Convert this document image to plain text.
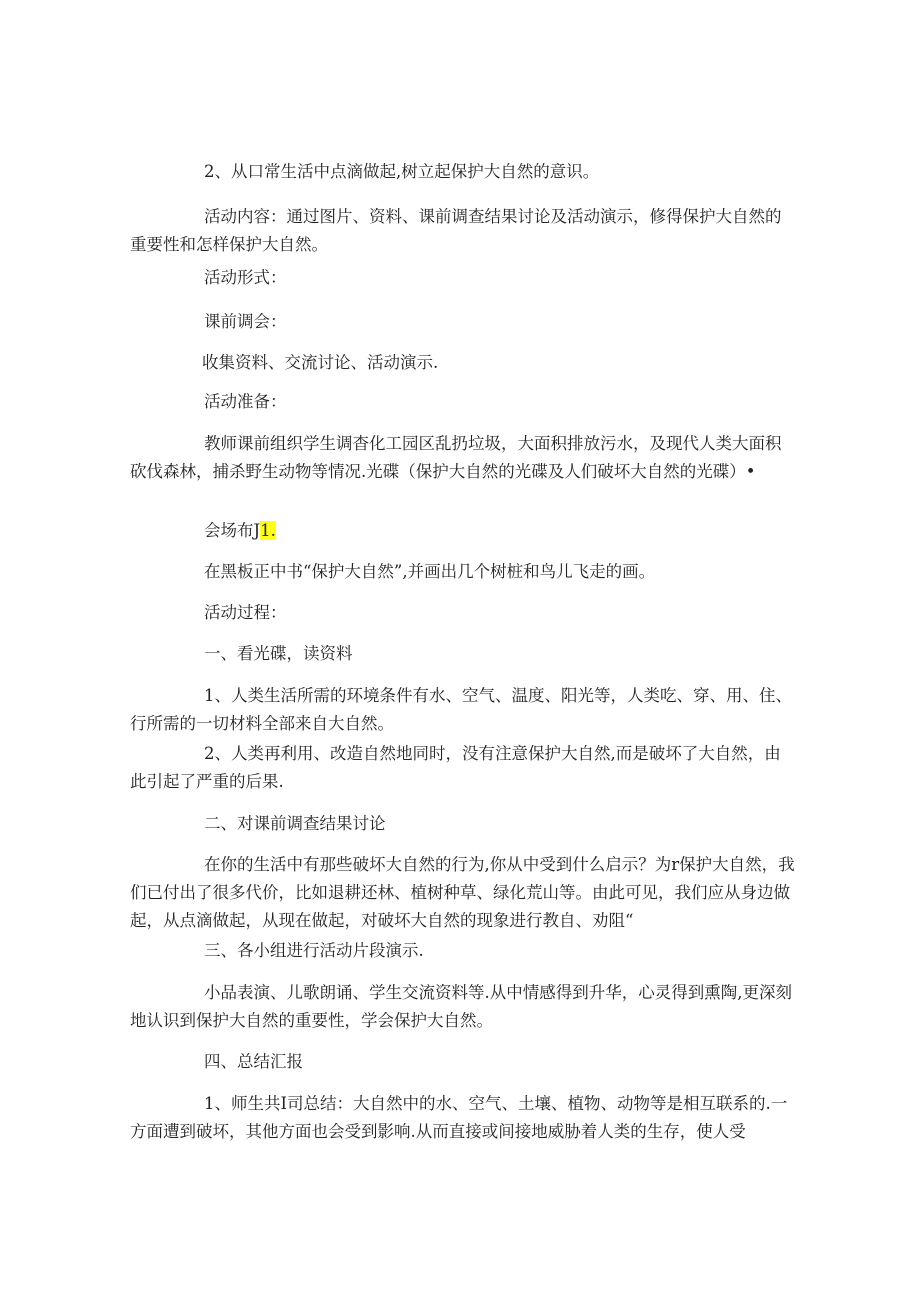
2、从口常生活中点滴做起,树立起保护大自然的意识。

活动内容：通过图片、资料、课前调查结果讨论及活动演示，修得保护大自然的重要性和怎样保护大自然。

活动形式：

课前调会：

收集资料、交流讨论、活动演示.

活动准备：

教师课前组织学生调杳化工园区乱扔垃圾，大面积排放污水，及现代人类大面积砍伐森林，捕杀野生动物等情况.光碟（保护大自然的光碟及人们破坏大自然的光碟）•

会场布J1.

在黑板正中书“保护大自然”,并画出几个树桩和鸟儿飞走的画。

活动过程：

一、看光碟，读资料

1、人类生活所需的环境条件有水、空气、温度、阳光等，人类吃、穿、用、住、行所需的一切材料全部来自大自然。

2、人类再利用、改造自然地同时，没有注意保护大自然,而是破坏了大自然，由此引起了严重的后果.

二、对课前调查结果讨论

在你的生活中有那些破坏大自然的行为,你从中受到什么启示？为r保护大自然，我们已付出了很多代价，比如退耕还林、植树种草、绿化荒山等。由此可见，我们应从身边做起，从点滴做起，从现在做起，对破坏大自然的现象进行教自、劝阻“

三、各小组进行活动片段演示.

小品表演、儿歌朗诵、学生交流资料等.从中情感得到升华，心灵得到熏陶,更深刻地认识到保护大自然的重要性，学会保护大自然。

四、总结汇报

1、师生共I司总结：大自然中的水、空气、土壤、植物、动物等是相互联系的.一方面遭到破坏，其他方面也会受到影响.从而直接或间接地威胁着人类的生存，使人受
